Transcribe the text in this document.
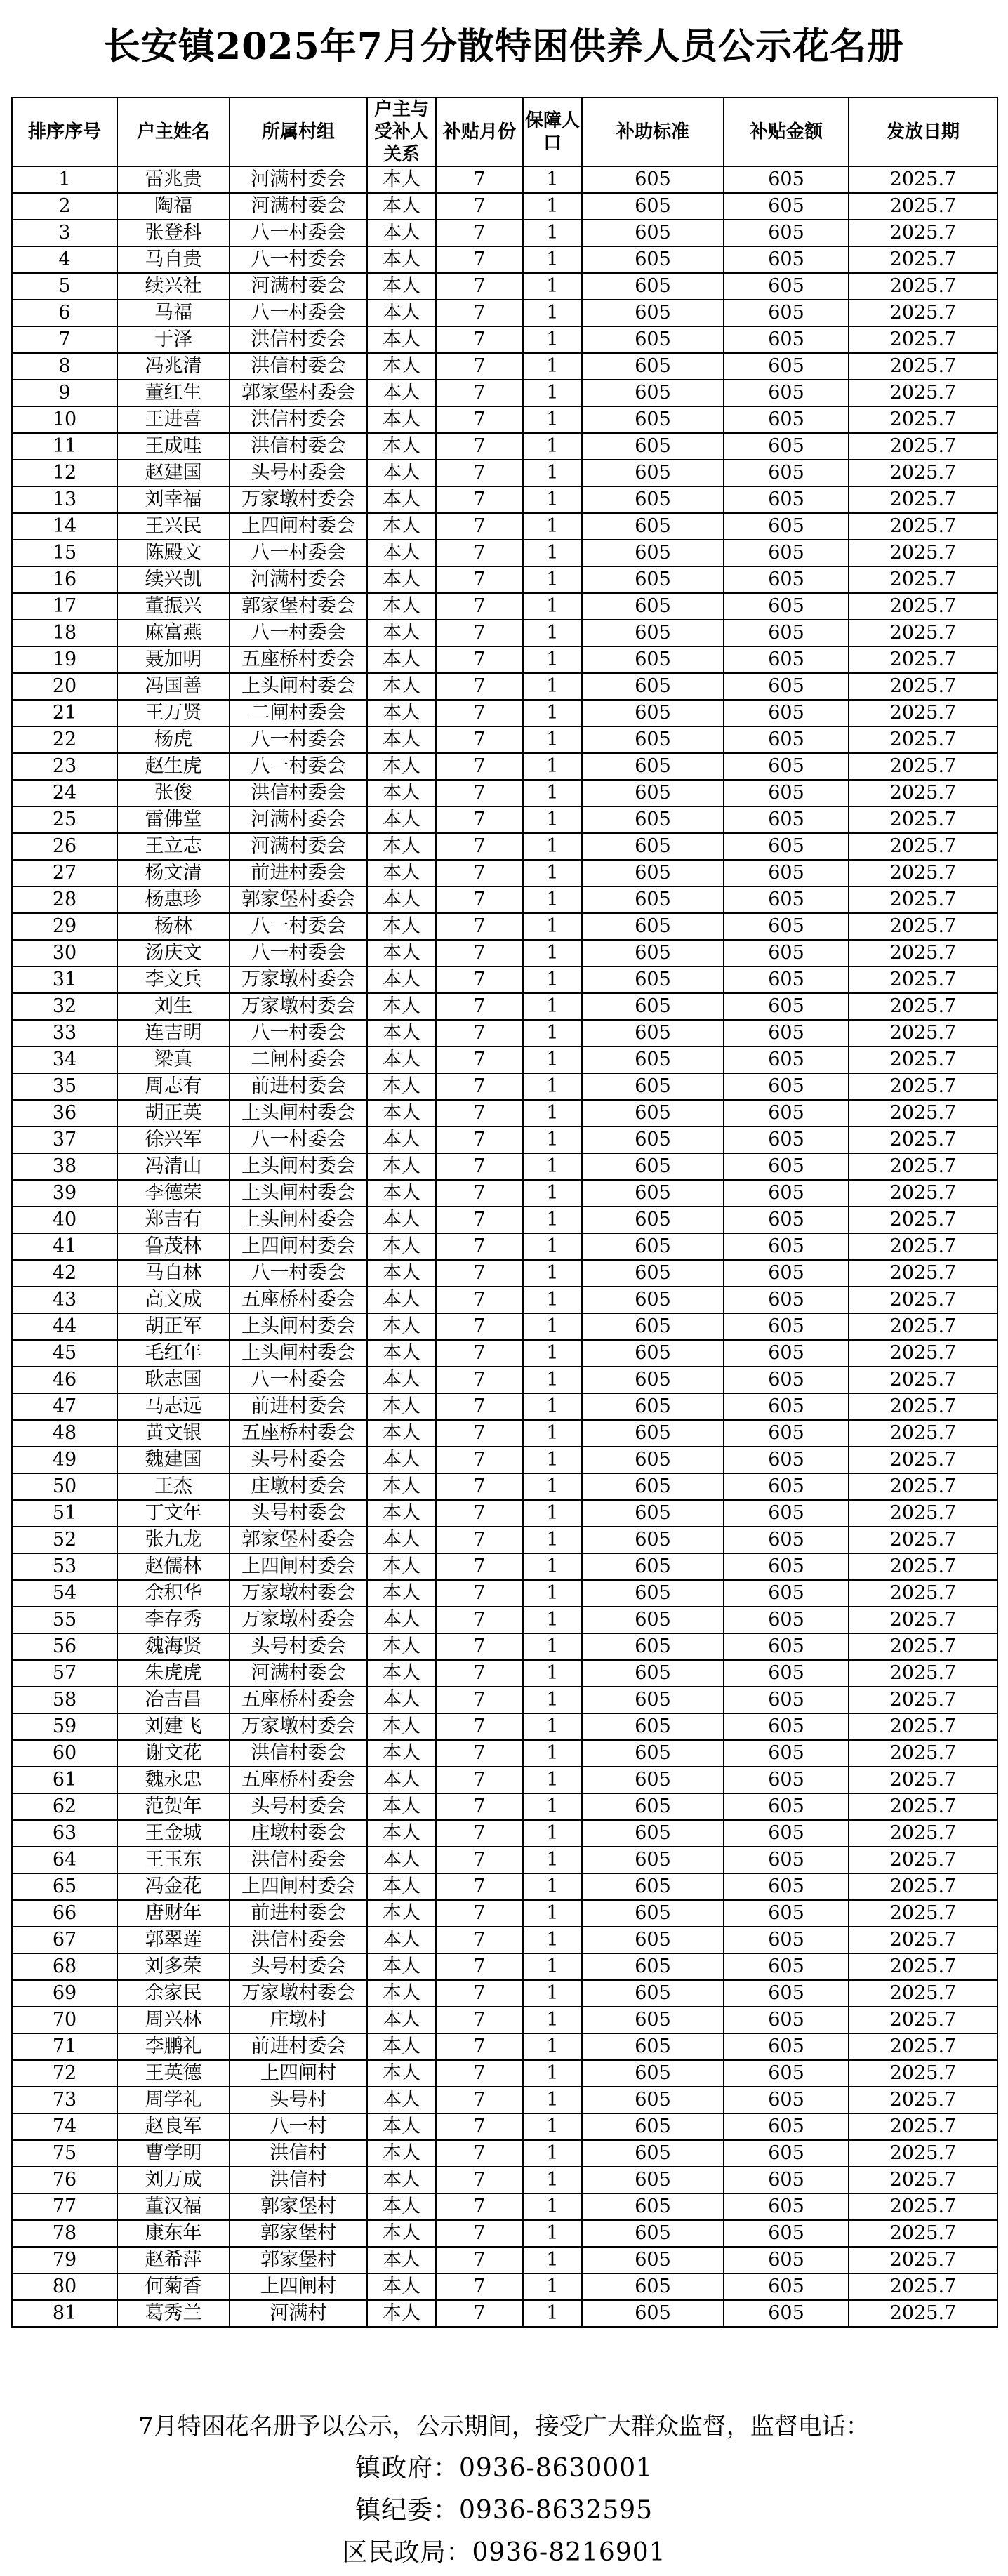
长安镇2025年7月分散特困供养人员公示花名册
排序序号	户主姓名	所属村组	户主与受补人关系	补贴月份	保障人口	补助标准	补贴金额	发放日期
1	雷兆贵	河满村委会	本人	7	1	605	605	2025.7
2	陶福	河满村委会	本人	7	1	605	605	2025.7
3	张登科	八一村委会	本人	7	1	605	605	2025.7
4	马自贵	八一村委会	本人	7	1	605	605	2025.7
5	续兴社	河满村委会	本人	7	1	605	605	2025.7
6	马福	八一村委会	本人	7	1	605	605	2025.7
7	于泽	洪信村委会	本人	7	1	605	605	2025.7
8	冯兆清	洪信村委会	本人	7	1	605	605	2025.7
9	董红生	郭家堡村委会	本人	7	1	605	605	2025.7
10	王进喜	洪信村委会	本人	7	1	605	605	2025.7
11	王成哇	洪信村委会	本人	7	1	605	605	2025.7
12	赵建国	头号村委会	本人	7	1	605	605	2025.7
13	刘幸福	万家墩村委会	本人	7	1	605	605	2025.7
14	王兴民	上四闸村委会	本人	7	1	605	605	2025.7
15	陈殿文	八一村委会	本人	7	1	605	605	2025.7
16	续兴凯	河满村委会	本人	7	1	605	605	2025.7
17	董振兴	郭家堡村委会	本人	7	1	605	605	2025.7
18	麻富燕	八一村委会	本人	7	1	605	605	2025.7
19	聂加明	五座桥村委会	本人	7	1	605	605	2025.7
20	冯国善	上头闸村委会	本人	7	1	605	605	2025.7
21	王万贤	二闸村委会	本人	7	1	605	605	2025.7
22	杨虎	八一村委会	本人	7	1	605	605	2025.7
23	赵生虎	八一村委会	本人	7	1	605	605	2025.7
24	张俊	洪信村委会	本人	7	1	605	605	2025.7
25	雷佛堂	河满村委会	本人	7	1	605	605	2025.7
26	王立志	河满村委会	本人	7	1	605	605	2025.7
27	杨文清	前进村委会	本人	7	1	605	605	2025.7
28	杨惠珍	郭家堡村委会	本人	7	1	605	605	2025.7
29	杨林	八一村委会	本人	7	1	605	605	2025.7
30	汤庆文	八一村委会	本人	7	1	605	605	2025.7
31	李文兵	万家墩村委会	本人	7	1	605	605	2025.7
32	刘生	万家墩村委会	本人	7	1	605	605	2025.7
33	连吉明	八一村委会	本人	7	1	605	605	2025.7
34	梁真	二闸村委会	本人	7	1	605	605	2025.7
35	周志有	前进村委会	本人	7	1	605	605	2025.7
36	胡正英	上头闸村委会	本人	7	1	605	605	2025.7
37	徐兴军	八一村委会	本人	7	1	605	605	2025.7
38	冯清山	上头闸村委会	本人	7	1	605	605	2025.7
39	李德荣	上头闸村委会	本人	7	1	605	605	2025.7
40	郑吉有	上头闸村委会	本人	7	1	605	605	2025.7
41	鲁茂林	上四闸村委会	本人	7	1	605	605	2025.7
42	马自林	八一村委会	本人	7	1	605	605	2025.7
43	高文成	五座桥村委会	本人	7	1	605	605	2025.7
44	胡正军	上头闸村委会	本人	7	1	605	605	2025.7
45	毛红年	上头闸村委会	本人	7	1	605	605	2025.7
46	耿志国	八一村委会	本人	7	1	605	605	2025.7
47	马志远	前进村委会	本人	7	1	605	605	2025.7
48	黄文银	五座桥村委会	本人	7	1	605	605	2025.7
49	魏建国	头号村委会	本人	7	1	605	605	2025.7
50	王杰	庄墩村委会	本人	7	1	605	605	2025.7
51	丁文年	头号村委会	本人	7	1	605	605	2025.7
52	张九龙	郭家堡村委会	本人	7	1	605	605	2025.7
53	赵儒林	上四闸村委会	本人	7	1	605	605	2025.7
54	余积华	万家墩村委会	本人	7	1	605	605	2025.7
55	李存秀	万家墩村委会	本人	7	1	605	605	2025.7
56	魏海贤	头号村委会	本人	7	1	605	605	2025.7
57	朱虎虎	河满村委会	本人	7	1	605	605	2025.7
58	冶吉昌	五座桥村委会	本人	7	1	605	605	2025.7
59	刘建飞	万家墩村委会	本人	7	1	605	605	2025.7
60	谢文花	洪信村委会	本人	7	1	605	605	2025.7
61	魏永忠	五座桥村委会	本人	7	1	605	605	2025.7
62	范贺年	头号村委会	本人	7	1	605	605	2025.7
63	王金城	庄墩村委会	本人	7	1	605	605	2025.7
64	王玉东	洪信村委会	本人	7	1	605	605	2025.7
65	冯金花	上四闸村委会	本人	7	1	605	605	2025.7
66	唐财年	前进村委会	本人	7	1	605	605	2025.7
67	郭翠莲	洪信村委会	本人	7	1	605	605	2025.7
68	刘多荣	头号村委会	本人	7	1	605	605	2025.7
69	余家民	万家墩村委会	本人	7	1	605	605	2025.7
70	周兴林	庄墩村	本人	7	1	605	605	2025.7
71	李鹏礼	前进村委会	本人	7	1	605	605	2025.7
72	王英德	上四闸村	本人	7	1	605	605	2025.7
73	周学礼	头号村	本人	7	1	605	605	2025.7
74	赵良军	八一村	本人	7	1	605	605	2025.7
75	曹学明	洪信村	本人	7	1	605	605	2025.7
76	刘万成	洪信村	本人	7	1	605	605	2025.7
77	董汉福	郭家堡村	本人	7	1	605	605	2025.7
78	康东年	郭家堡村	本人	7	1	605	605	2025.7
79	赵希萍	郭家堡村	本人	7	1	605	605	2025.7
80	何菊香	上四闸村	本人	7	1	605	605	2025.7
81	葛秀兰	河满村	本人	7	1	605	605	2025.7
7月特困花名册予以公示，公示期间，接受广大群众监督，监督电话：
镇政府：0936-8630001
镇纪委：0936-8632595
区民政局：0936-8216901
